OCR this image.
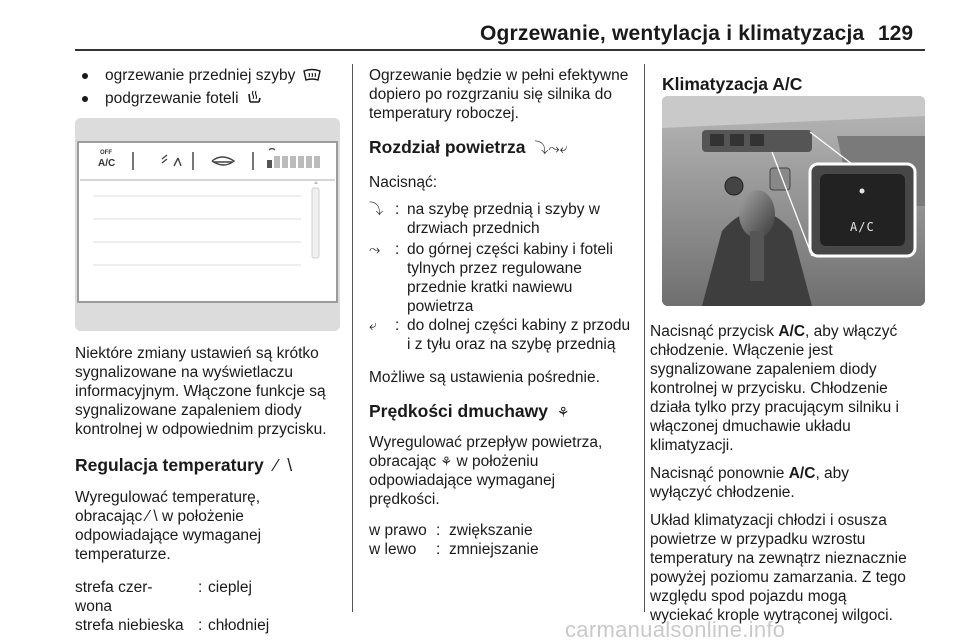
Ogrzewanie, wentylacja i klimatyzacja 129
ogrzewanie przedniej szyby
podgrzewanie foteli
OFF
A/C

Niektóre zmiany ustawień są krótko

sygnalizowane na wyświetlaczu

informacyjnym. Włączone funkcje są

sygnalizowane zapaleniem diody

kontrolnej w odpowiednim przycisku.

Regulacja temperatury ⁄  \

Wyregulować temperaturę,

obracając ⁄ \ w położenie

odpowiadające wymaganej

temperaturze.

strefa czer-
wona
: cieplej
strefa niebieska : chłodniej

Ogrzewanie będzie w pełni efektywne

dopiero po rozgrzaniu się silnika do

temperatury roboczej.

Rozdział powietrza ⤵⤳⤶

Nacisnąć:

⤵ : na szybę przednią i szyby w
drzwiach przednich
⤳ : do górnej części kabiny i foteli
tylnych przez regulowane
przednie kratki nawiewu
powietrza
⤶ : do dolnej części kabiny z przodu
i z tyłu oraz na szybę przednią

Możliwe są ustawienia pośrednie.

Prędkości dmuchawy ⚘

Wyregulować przepływ powietrza,

obracając ⚘ w położeniu

odpowiadające wymaganej

prędkości.

w prawo : zwiększanie
w lewo : zmniejszanie

Klimatyzacja A/C

A/C

Nacisnąć przycisk A/C, aby włączyć

chłodzenie. Włączenie jest

sygnalizowane zapaleniem diody

kontrolnej w przycisku. Chłodzenie

działa tylko przy pracującym silniku i

włączonej dmuchawie układu

klimatyzacji.

Nacisnąć ponownie A/C, aby

wyłączyć chłodzenie.

Układ klimatyzacji chłodzi i osusza

powietrze w przypadku wzrostu

temperatury na zewnątrz nieznacznie

powyżej poziomu zamarzania. Z tego

względu spod pojazdu mogą

wyciekać krople wytrąconej wilgoci.

carmanualsonline.info
